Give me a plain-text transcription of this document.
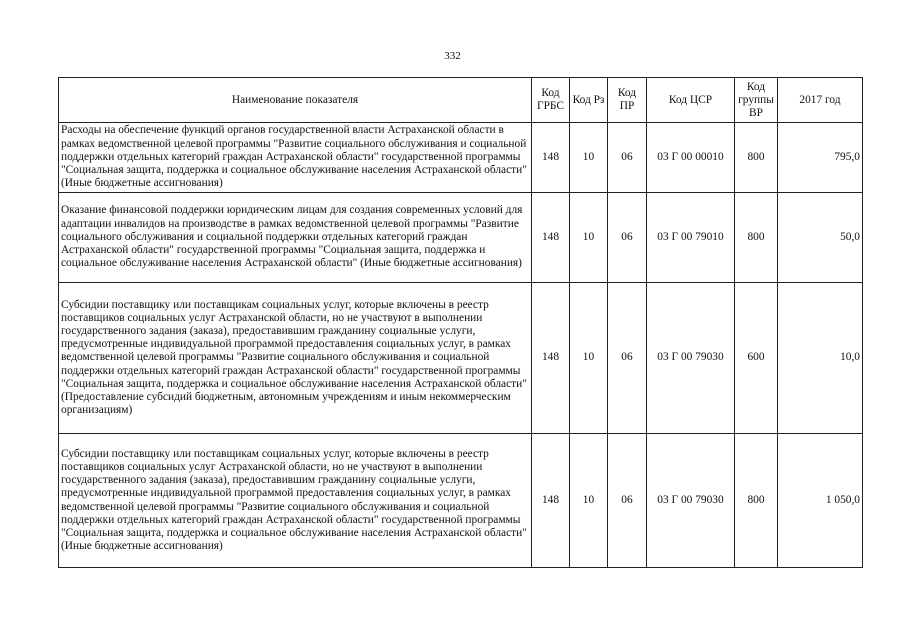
332
Наименование показателя	Код ГРБС	Код Рз	Код ПР	Код ЦСР	Код группы ВР	2017 год
Расходы на обеспечение функций органов государственной власти Астраханской области в рамках ведомственной целевой программы "Развитие социального обслуживания и социальной поддержки отдельных категорий граждан Астраханской области" государственной программы "Социальная защита, поддержка и социальное обслуживание населения Астраханской области" (Иные бюджетные ассигнования)	148	10	06	03 Г 00 00010	800	795,0
Оказание финансовой поддержки юридическим лицам для создания современных условий для адаптации инвалидов на производстве в рамках ведомственной целевой программы "Развитие социального обслуживания и социальной поддержки отдельных категорий граждан Астраханской области" государственной программы "Социальная защита, поддержка и социальное обслуживание населения Астраханской области" (Иные бюджетные ассигнования)	148	10	06	03 Г 00 79010	800	50,0
Субсидии поставщику или поставщикам социальных услуг, которые включены в реестр поставщиков социальных услуг Астраханской области, но не участвуют в выполнении государственного задания (заказа), предоставившим гражданину социальные услуги, предусмотренные индивидуальной программой предоставления социальных услуг, в рамках ведомственной целевой программы "Развитие социального обслуживания и социальной поддержки отдельных категорий граждан Астраханской области" государственной программы "Социальная защита, поддержка и социальное обслуживание населения Астраханской области" (Предоставление субсидий бюджетным, автономным учреждениям и иным некоммерческим организациям)	148	10	06	03 Г 00 79030	600	10,0
Субсидии поставщику или поставщикам социальных услуг, которые включены в реестр поставщиков социальных услуг Астраханской области, но не участвуют в выполнении государственного задания (заказа), предоставившим гражданину социальные услуги, предусмотренные индивидуальной программой предоставления социальных услуг, в рамках ведомственной целевой программы "Развитие социального обслуживания и социальной поддержки отдельных категорий граждан Астраханской области" государственной программы "Социальная защита, поддержка и социальное обслуживание населения Астраханской области" (Иные бюджетные ассигнования)	148	10	06	03 Г 00 79030	800	1 050,0
